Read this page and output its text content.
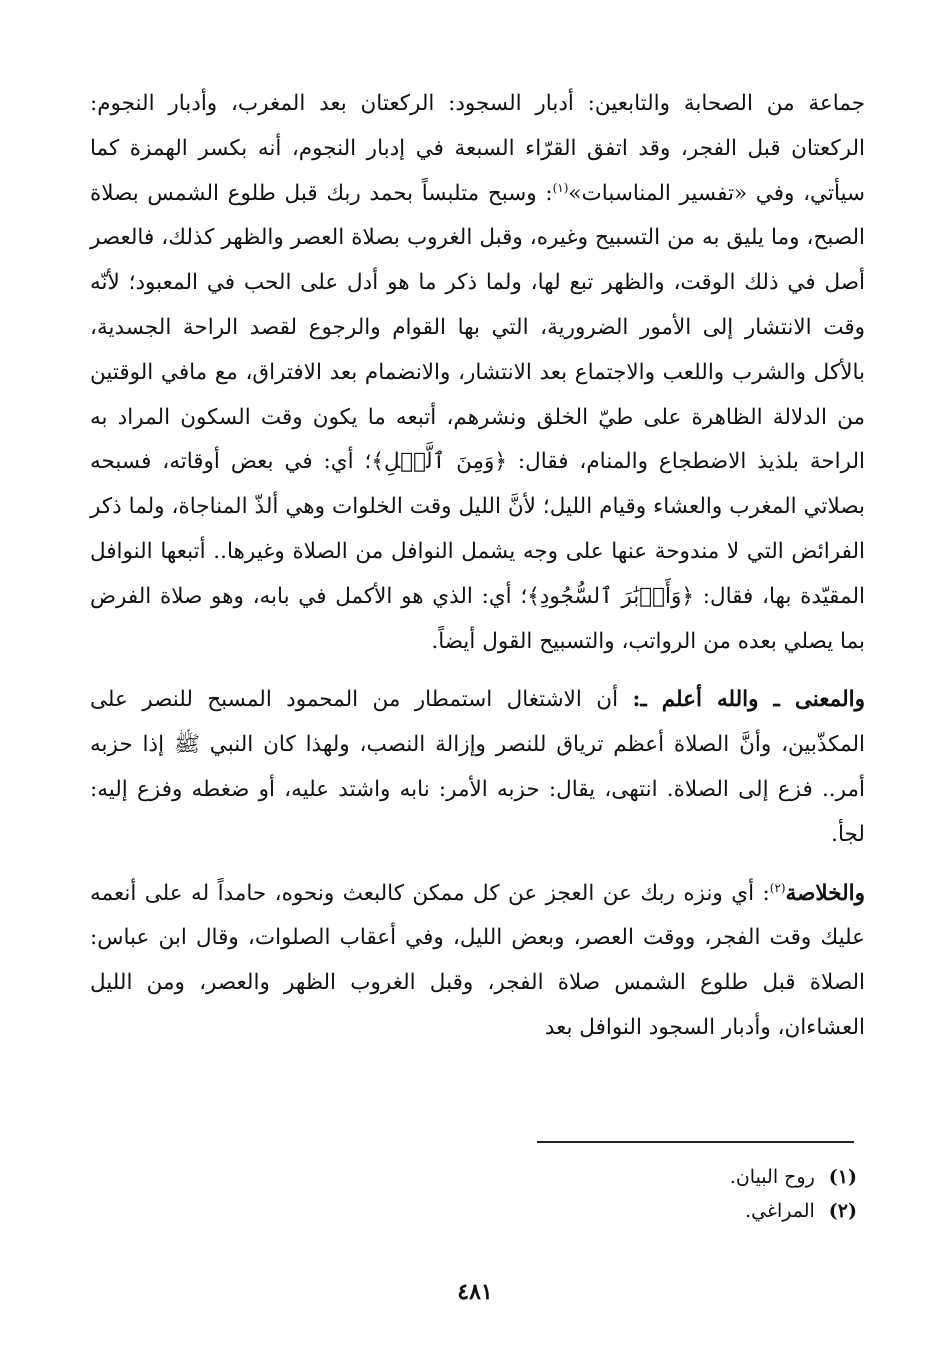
جماعة من الصحابة والتابعين: أدبار السجود: الركعتان بعد المغرب، وأدبار النجوم: الركعتان قبل الفجر، وقد اتفق القرّاء السبعة في إدبار النجوم، أنه بكسر الهمزة كما سيأتي، وفي «تفسير المناسبات»$^{(١)}$: وسبح متلبساً بحمد ربك قبل طلوع الشمس بصلاة الصبح، وما يليق به من التسبيح وغيره، وقبل الغروب بصلاة العصر والظهر كذلك، فالعصر أصل في ذلك الوقت، والظهر تبع لها، ولما ذكر ما هو أدل على الحب في المعبود؛ لأنّه وقت الانتشار إلى الأمور الضرورية، التي بها القوام والرجوع لقصد الراحة الجسدية، بالأكل والشرب واللعب والاجتماع بعد الانتشار، والانضمام بعد الافتراق، مع مافي الوقتين من الدلالة الظاهرة على طيّ الخلق ونشرهم، أتبعه ما يكون وقت السكون المراد به الراحة بلذيذ الاضطجاع والمنام، فقال: ﴿وَمِنَ ٱلَّيۡلِ﴾؛ أي: في بعض أوقاته، فسبحه بصلاتي المغرب والعشاء وقيام الليل؛ لأنَّ الليل وقت الخلوات وهي ألذّ المناجاة، ولما ذكر الفرائض التي لا مندوحة عنها على وجه يشمل النوافل من الصلاة وغيرها.. أتبعها النوافل المقيّدة بها، فقال: ﴿وَأَدۡبَٰرَ ٱلسُّجُودِ﴾؛ أي: الذي هو الأكمل في بابه، وهو صلاة الفرض بما يصلي بعده من الرواتب، والتسبيح القول أيضاً.

والمعنى ـ والله أعلم ـ: أن الاشتغال استمطار من المحمود المسبح للنصر على المكذّبين، وأنَّ الصلاة أعظم ترياق للنصر وإزالة النصب، ولهذا كان النبي ﷺ إذا حزبه أمر.. فزع إلى الصلاة. انتهى، يقال: حزبه الأمر: نابه واشتد عليه، أو ضغطه وفزع إليه: لجأ.

والخلاصة$^{(٢)}$: أي ونزه ربك عن العجز عن كل ممكن كالبعث ونحوه، حامداً له على أنعمه عليك وقت الفجر، ووقت العصر، وبعض الليل، وفي أعقاب الصلوات، وقال ابن عباس: الصلاة قبل طلوع الشمس صلاة الفجر، وقبل الغروب الظهر والعصر، ومن الليل العشاءان، وأدبار السجود النوافل بعد

(١)روح البيان.
(٢)المراغي.
٤٨١
